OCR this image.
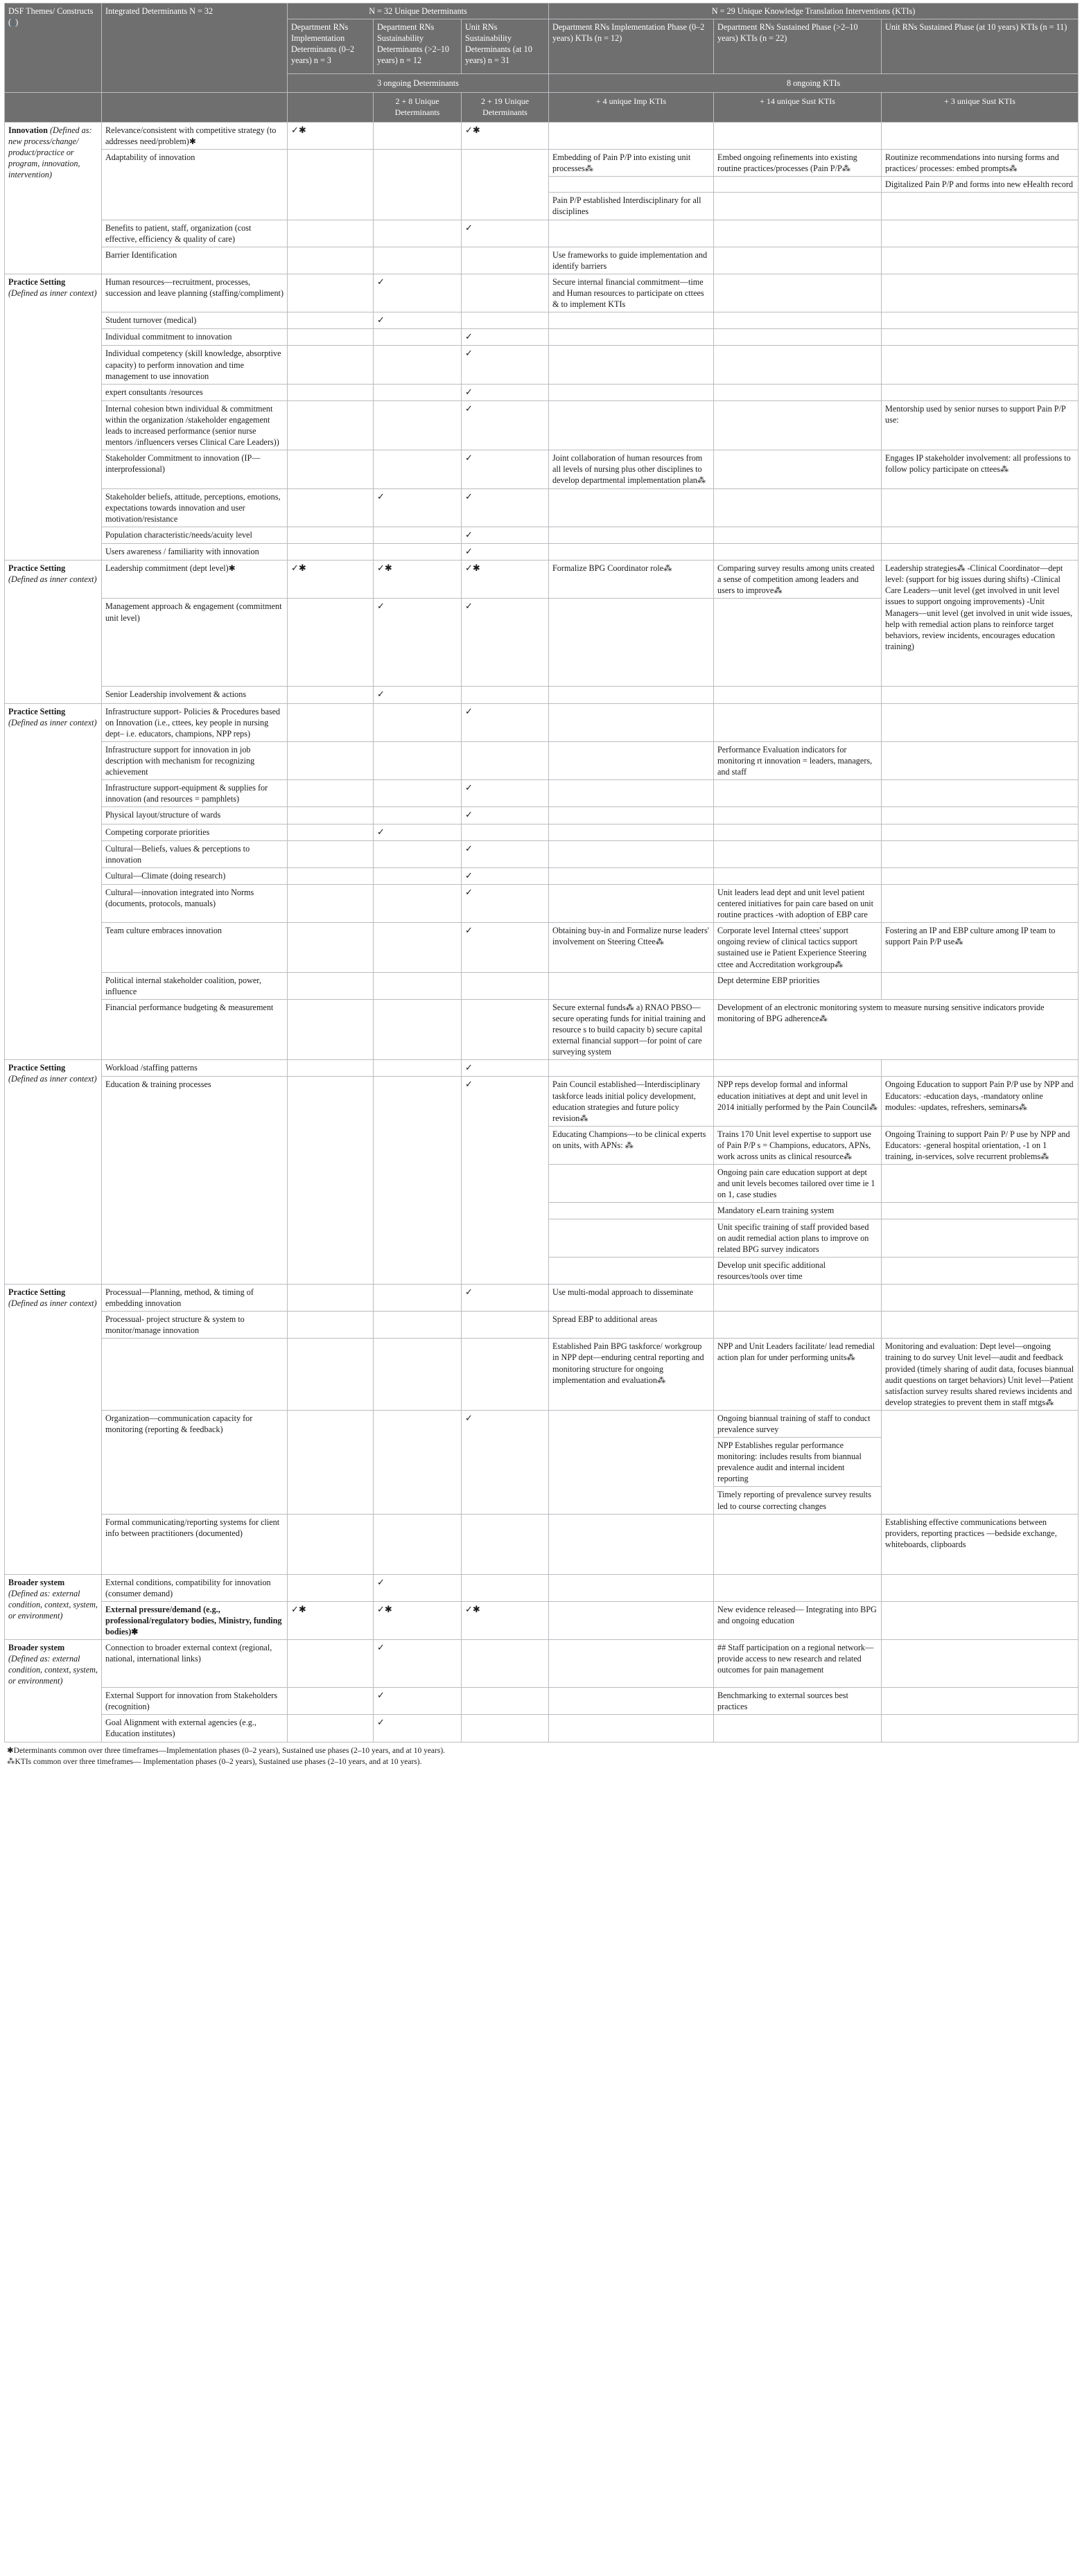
DSF Themes/ Constructs (1)	Integrated Determinants N = 32	N = 32 Unique Determinants			N = 29 Unique Knowledge Translation Interventions (KTIs)		
		Department RNs Implementation Determinants (0–2 years) n = 3	Department RNs Sustainability Determinants (>2–10 years) n = 12	Unit RNs Sustainability Determinants (at 10 years) n = 31	Department RNs Implementation Phase (0–2 years) KTIs (n = 12)	Department RNs Sustained Phase (>2–10 years) KTIs (n = 22)	Unit RNs Sustained Phase (at 10 years) KTIs (n = 11)
		3 ongoing Determinants			8 ongoing KTIs		
			2 + 8 Unique Determinants	2 + 19 Unique Determinants	+ 4 unique Imp KTIs	+ 14 unique Sust KTIs	+ 3 unique Sust KTIs
Innovation (Defined as: new process/change/ product/practice or program, innovation, intervention)	Relevance/consistent with competitive strategy (to addresses need/problem)✱	✓✱		✓✱			
	Adaptability of innovation				Embedding of Pain P/P into existing unit processes⁂	Embed ongoing refinements into existing routine practices/processes (Pain P/P⁂	Routinize recommendations into nursing forms and practices/ processes: embed prompts⁂
							Digitalized Pain P/P and forms into new eHealth record
					Pain P/P established Interdisciplinary for all disciplines		
	Benefits to patient, staff, organization (cost effective, efficiency & quality of care)			✓			
	Barrier Identification				Use frameworks to guide implementation and identify barriers		
Practice Setting
(Defined as inner context)	Human resources—recruitment, processes, succession and leave planning (staffing/compliment)		✓		Secure internal financial commitment—time and Human resources to participate on cttees & to implement KTIs		
	Student turnover (medical)		✓				
	Individual commitment to innovation			✓			
	Individual competency (skill knowledge, absorptive capacity) to perform innovation and time management to use innovation			✓			
	expert consultants /resources			✓			
	Internal cohesion btwn individual & commitment within the organization /stakeholder engagement leads to increased performance (senior nurse mentors /influencers verses Clinical Care Leaders))			✓			Mentorship used by senior nurses to support Pain P/P use:
	Stakeholder Commitment to innovation (IP—interprofessional)			✓	Joint collaboration of human resources from all levels of nursing plus other disciplines to develop departmental implementation plan⁂		Engages IP stakeholder involvement: all professions to follow policy participate on cttees⁂
	Stakeholder beliefs, attitude, perceptions, emotions, expectations towards innovation and user motivation/resistance		✓	✓			
	Population characteristic/needs/acuity level			✓			
	Users awareness / familiarity with innovation			✓			
Practice Setting
(Defined as inner context)	Leadership commitment (dept level)✱	✓✱	✓✱	✓✱	Formalize BPG Coordinator role⁂	Comparing survey results among units created a sense of competition among leaders and users to improve⁂	Leadership strategies⁂ -Clinical Coordinator—dept level: (support for big issues during shifts) -Clinical Care Leaders—unit level (get involved in unit level issues to support ongoing improvements) -Unit Managers—unit level (get involved in unit wide issues, help with remedial action plans to reinforce target behaviors, review incidents, encourages education training)
	Management approach & engagement (commitment unit level)		✓	✓			
	Senior Leadership involvement & actions		✓				
Practice Setting
(Defined as inner context)	Infrastructure support- Policies & Procedures based on Innovation (i.e., cttees, key people in nursing dept– i.e. educators, champions, NPP reps)			✓			
	Infrastructure support for innovation in job description with mechanism for recognizing achievement					Performance Evaluation indicators for monitoring rt innovation = leaders, managers, and staff	
	Infrastructure support-equipment & supplies for innovation (and resources = pamphlets)			✓			
	Physical layout/structure of wards			✓			
	Competing corporate priorities		✓				
	Cultural—Beliefs, values & perceptions to innovation			✓			
	Cultural—Climate (doing research)			✓			
	Cultural—innovation integrated into Norms (documents, protocols, manuals)			✓		Unit leaders lead dept and unit level patient centered initiatives for pain care based on unit routine practices -with adoption of EBP care	
	Team culture embraces innovation			✓	Obtaining buy-in and Formalize nurse leaders' involvement on Steering Cttee⁂	Corporate level Internal cttees' support ongoing review of clinical tactics support sustained use ie Patient Experience Steering cttee and Accreditation workgroup⁂	Fostering an IP and EBP culture among IP team to support Pain P/P use⁂
	Political internal stakeholder coalition, power, influence					Dept determine EBP priorities	
	Financial performance budgeting & measurement				Secure external funds⁂ a) RNAO PBSO—secure operating funds for initial training and resource s to build capacity b) secure capital external financial support—for point of care surveying system	Development of an electronic monitoring system to measure nursing sensitive indicators provide monitoring of BPG adherence⁂	
Practice Setting
(Defined as inner context)	Workload /staffing patterns			✓			
	Education & training processes			✓	Pain Council established—Interdisciplinary taskforce leads initial policy development, education strategies and future policy revision⁂	NPP reps develop formal and informal education initiatives at dept and unit level in 2014 initially performed by the Pain Council⁂	Ongoing Education to support Pain P/P use by NPP and Educators: -education days, -mandatory online modules: -updates, refreshers, seminars⁂
					Educating Champions—to be clinical experts on units, with APNs: ⁂	Trains 170 Unit level expertise to support use of Pain P/P s = Champions, educators, APNs, work across units as clinical resource⁂	Ongoing Training to support Pain P/ P use by NPP and Educators: -general hospital orientation, -1 on 1 training, in-services, solve recurrent problems⁂
						Ongoing pain care education support at dept and unit levels becomes tailored over time ie 1 on 1, case studies	
						Mandatory eLearn training system	
						Unit specific training of staff provided based on audit remedial action plans to improve on related BPG survey indicators	
						Develop unit specific additional resources/tools over time	
Practice Setting
(Defined as inner context)	Processual—Planning, method, & timing of embedding innovation			✓	Use multi-modal approach to disseminate		
	Processual- project structure & system to monitor/manage innovation				Spread EBP to additional areas		
					Established Pain BPG taskforce/ workgroup in NPP dept—enduring central reporting and monitoring structure for ongoing implementation and evaluation⁂	NPP and Unit Leaders facilitate/ lead remedial action plan for under performing units⁂	Monitoring and evaluation: Dept level—ongoing training to do survey Unit level—audit and feedback provided (timely sharing of audit data, focuses biannual audit questions on target behaviors) Unit level—Patient satisfaction survey results shared reviews incidents and develop strategies to prevent them in staff mtgs⁂
	Organization—communication capacity for monitoring (reporting & feedback)			✓		Ongoing biannual training of staff to conduct prevalence survey	
						NPP Establishes regular performance monitoring: includes results from biannual prevalence audit and internal incident reporting	
						Timely reporting of prevalence survey results led to course correcting changes	
	Formal communicating/reporting systems for client info between practitioners (documented)						Establishing effective communications between providers, reporting practices —bedside exchange, whiteboards, clipboards
Broader system
(Defined as: external condition, context, system, or environment)	External conditions, compatibility for innovation (consumer demand)		✓				
	External pressure/demand (e.g., professional/regulatory bodies, Ministry, funding bodies)✱	✓✱	✓✱	✓✱		New evidence released— Integrating into BPG and ongoing education	
Broader system
(Defined as: external condition, context, system, or environment)	Connection to broader external context (regional, national, international links)		✓			## Staff participation on a regional network—provide access to new research and related outcomes for pain management	
	External Support for innovation from Stakeholders (recognition)		✓			Benchmarking to external sources best practices	
	Goal Alignment with external agencies (e.g., Education institutes)		✓				
✱Determinants common over three timeframes—Implementation phases (0–2 years), Sustained use phases (2–10 years, and at 10 years).
⁂KTIs common over three timeframes— Implementation phases (0–2 years), Sustained use phases (2–10 years, and at 10 years).
